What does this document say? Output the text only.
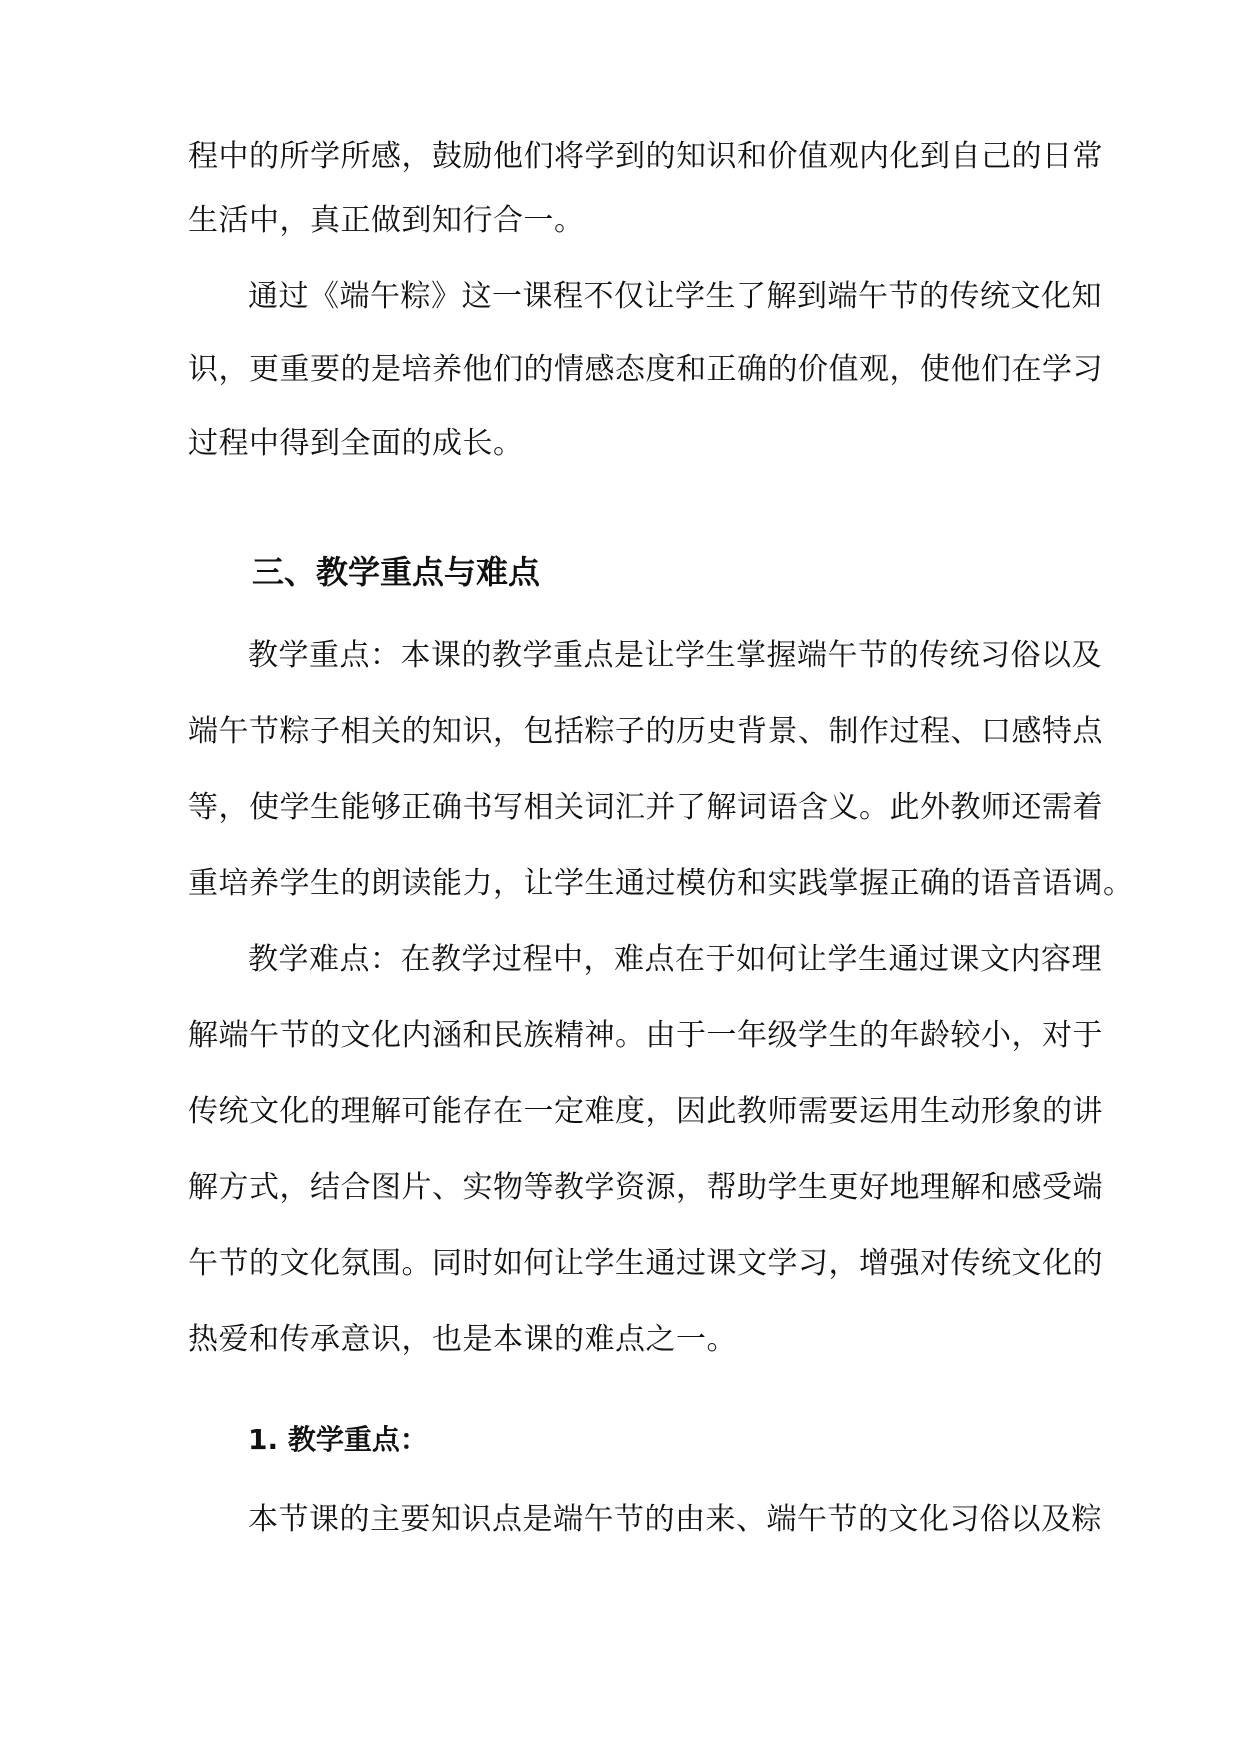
程中的所学所感，鼓励他们将学到的知识和价值观内化到自己的日常
生活中，真正做到知行合一。
通过《端午粽》这一课程不仅让学生了解到端午节的传统文化知
识，更重要的是培养他们的情感态度和正确的价值观，使他们在学习
过程中得到全面的成长。
三、教学重点与难点
教学重点：本课的教学重点是让学生掌握端午节的传统习俗以及
端午节粽子相关的知识，包括粽子的历史背景、制作过程、口感特点
等，使学生能够正确书写相关词汇并了解词语含义。此外教师还需着
重培养学生的朗读能力，让学生通过模仿和实践掌握正确的语音语调。
教学难点：在教学过程中，难点在于如何让学生通过课文内容理
解端午节的文化内涵和民族精神。由于一年级学生的年龄较小，对于
传统文化的理解可能存在一定难度，因此教师需要运用生动形象的讲
解方式，结合图片、实物等教学资源，帮助学生更好地理解和感受端
午节的文化氛围。同时如何让学生通过课文学习，增强对传统文化的
热爱和传承意识，也是本课的难点之一。
1. 教学重点：
本节课的主要知识点是端午节的由来、端午节的文化习俗以及粽
